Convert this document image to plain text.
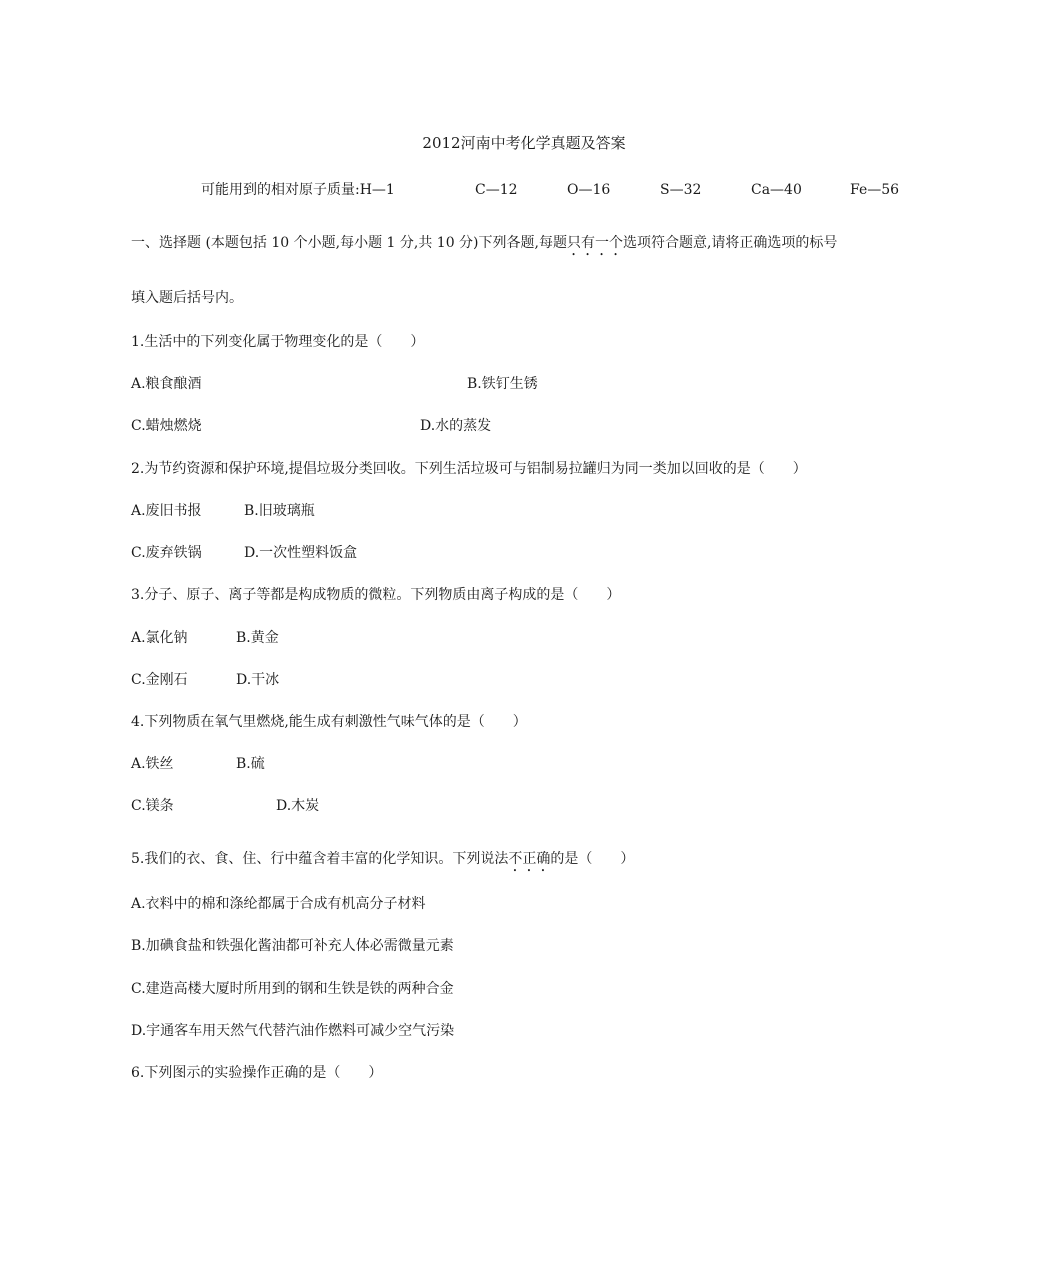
2012河南中考化学真题及答案
可能用到的相对原子质量:H—1	C—12	O—16	S—32	Ca—40	Fe—56
一、选择题 (本题包括 10 个小题,每小题 1 分,共 10 分)下列各题,每题只有一个选项符合题意,请将正确选项的标号
填入题后括号内。
1.生活中的下列变化属于物理变化的是（　　）
A.粮食酿酒	B.铁钉生锈
C.蜡烛燃烧	D.水的蒸发
2.为节约资源和保护环境,提倡垃圾分类回收。下列生活垃圾可与铝制易拉罐归为同一类加以回收的是（　　）
A.废旧书报	B.旧玻璃瓶
C.废弃铁锅	D.一次性塑料饭盒
3.分子、原子、离子等都是构成物质的微粒。下列物质由离子构成的是（　　）
A.氯化钠	B.黄金
C.金刚石	D.干冰
4.下列物质在氧气里燃烧,能生成有刺激性气味气体的是（　　）
A.铁丝	B.硫
C.镁条	D.木炭
5.我们的衣、食、住、行中蕴含着丰富的化学知识。下列说法不正确的是（　　）
A.衣料中的棉和涤纶都属于合成有机高分子材料
B.加碘食盐和铁强化酱油都可补充人体必需微量元素
C.建造高楼大厦时所用到的钢和生铁是铁的两种合金
D.宇通客车用天然气代替汽油作燃料可减少空气污染
6.下列图示的实验操作正确的是（　　）
